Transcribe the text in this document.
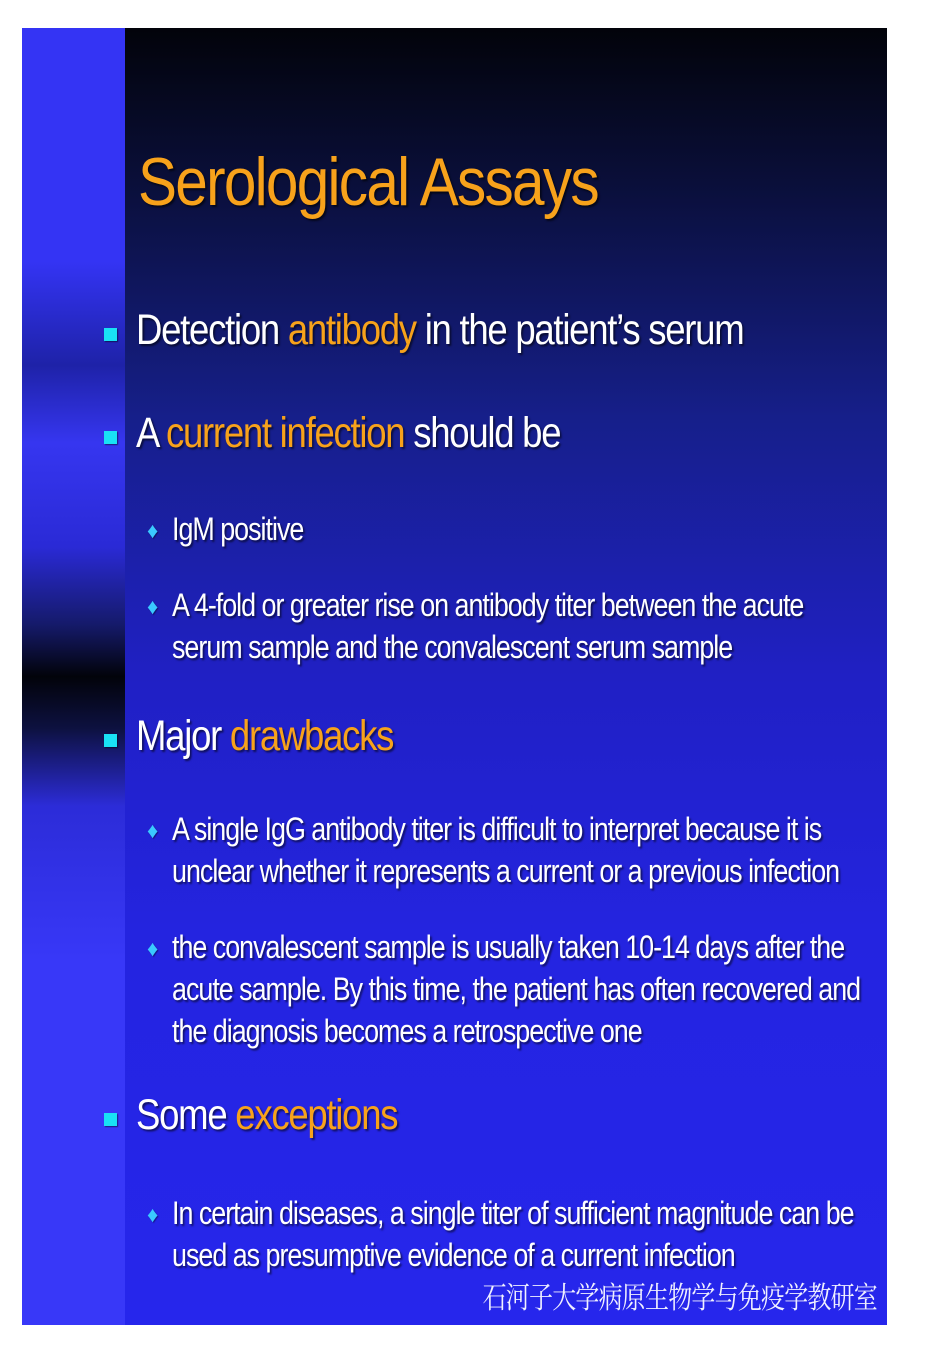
Serological Assays
Detection antibody in the patient’s serum
A current infection should be
♦ IgM positive
♦ A 4-fold or greater rise on antibody titer between the acute serum sample and the convalescent serum sample
Major drawbacks
♦ A single IgG antibody titer is difficult to interpret because it is unclear whether it represents a current or a previous infection
♦ the convalescent sample is usually taken 10-14 days after the acute sample. By this time, the patient has often recovered and the diagnosis becomes a retrospective one
Some exceptions
♦ In certain diseases, a single titer of sufficient magnitude can be used as presumptive evidence of a current infection
石河子大学病原生物学与免疫学教研室
